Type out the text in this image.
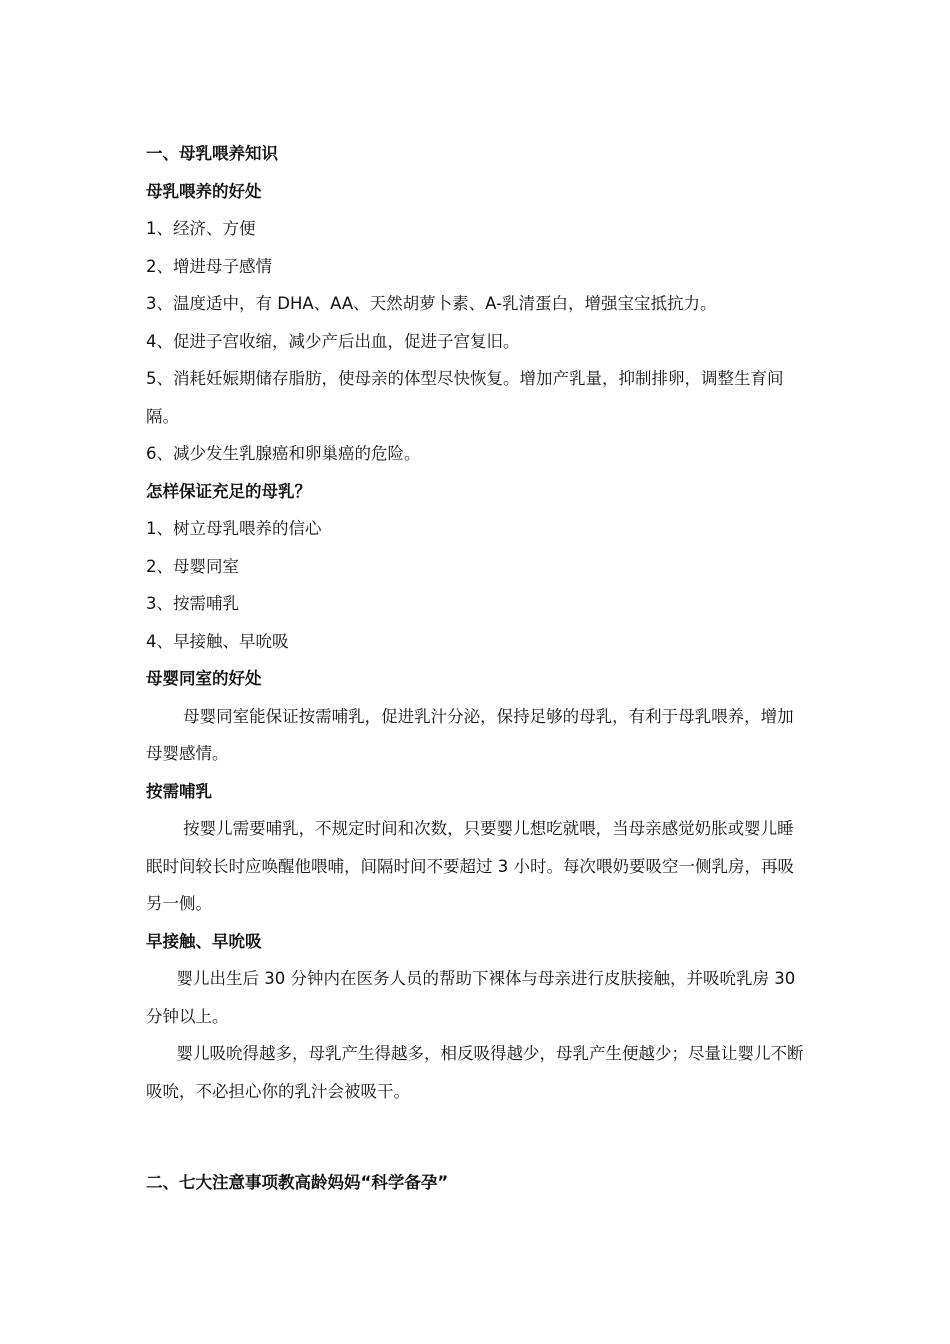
一、母乳喂养知识

母乳喂养的好处

1、经济、方便

2、增进母子感情

3、温度适中，有 DHA、AA、天然胡萝卜素、A-乳清蛋白，增强宝宝抵抗力。

4、促进子宫收缩，减少产后出血，促进子宫复旧。

5、消耗妊娠期储存脂肪，使母亲的体型尽快恢复。增加产乳量，抑制排卵，调整生育间隔。

6、减少发生乳腺癌和卵巢癌的危险。

怎样保证充足的母乳？

1、树立母乳喂养的信心

2、母婴同室

3、按需哺乳

4、早接触、早吮吸

母婴同室的好处

母婴同室能保证按需哺乳，促进乳汁分泌，保持足够的母乳，有利于母乳喂养，增加母婴感情。

按需哺乳

按婴儿需要哺乳，不规定时间和次数，只要婴儿想吃就喂，当母亲感觉奶胀或婴儿睡眠时间较长时应唤醒他喂哺，间隔时间不要超过 3 小时。每次喂奶要吸空一侧乳房，再吸另一侧。

早接触、早吮吸

婴儿出生后 30 分钟内在医务人员的帮助下裸体与母亲进行皮肤接触，并吸吮乳房 30 分钟以上。

婴儿吸吮得越多，母乳产生得越多，相反吸得越少，母乳产生便越少；尽量让婴儿不断吸吮，不必担心你的乳汁会被吸干。

二、七大注意事项教高龄妈妈“科学备孕”
